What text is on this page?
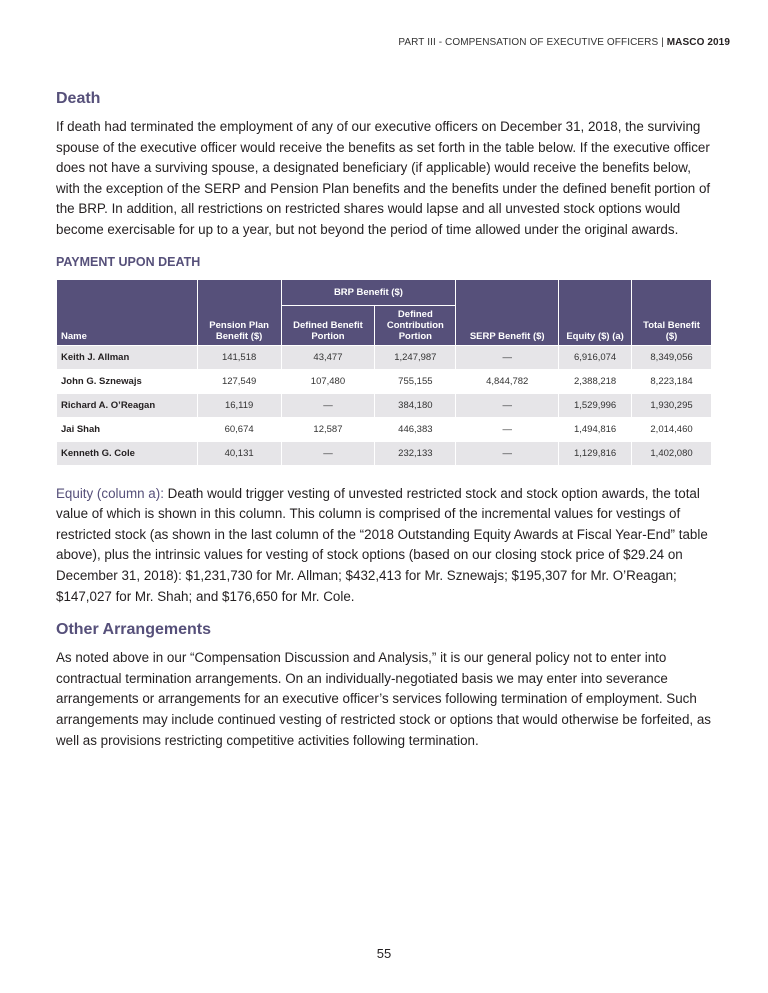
PART III - COMPENSATION OF EXECUTIVE OFFICERS | MASCO 2019
Death

If death had terminated the employment of any of our executive officers on December 31, 2018, the surviving spouse of the executive officer would receive the benefits as set forth in the table below. If the executive officer does not have a surviving spouse, a designated beneficiary (if applicable) would receive the benefits below, with the exception of the SERP and Pension Plan benefits and the benefits under the defined benefit portion of the BRP. In addition, all restrictions on restricted shares would lapse and all unvested stock options would become exercisable for up to a year, but not beyond the period of time allowed under the original awards.

PAYMENT UPON DEATH
Name	Pension Plan Benefit ($)	BRP Benefit ($)		SERP Benefit ($)	Equity ($) (a)	Total Benefit ($)
		Defined Benefit Portion	Defined Contribution Portion			
Keith J. Allman	141,518	43,477	1,247,987	—	6,916,074	8,349,056
John G. Sznewajs	127,549	107,480	755,155	4,844,782	2,388,218	8,223,184
Richard A. O’Reagan	16,119	—	384,180	—	1,529,996	1,930,295
Jai Shah	60,674	12,587	446,383	—	1,494,816	2,014,460
Kenneth G. Cole	40,131	—	232,133	—	1,129,816	1,402,080

Equity (column a): Death would trigger vesting of unvested restricted stock and stock option awards, the total value of which is shown in this column. This column is comprised of the incremental values for vestings of restricted stock (as shown in the last column of the “2018 Outstanding Equity Awards at Fiscal Year-End” table above), plus the intrinsic values for vesting of stock options (based on our closing stock price of $29.24 on December 31, 2018): $1,231,730 for Mr. Allman; $432,413 for Mr. Sznewajs; $195,307 for Mr. O’Reagan; $147,027 for Mr. Shah; and $176,650 for Mr. Cole.

Other Arrangements

As noted above in our “Compensation Discussion and Analysis,” it is our general policy not to enter into contractual termination arrangements. On an individually-negotiated basis we may enter into severance arrangements or arrangements for an executive officer’s services following termination of employment. Such arrangements may include continued vesting of restricted stock or options that would otherwise be forfeited, as well as provisions restricting competitive activities following termination.

55
